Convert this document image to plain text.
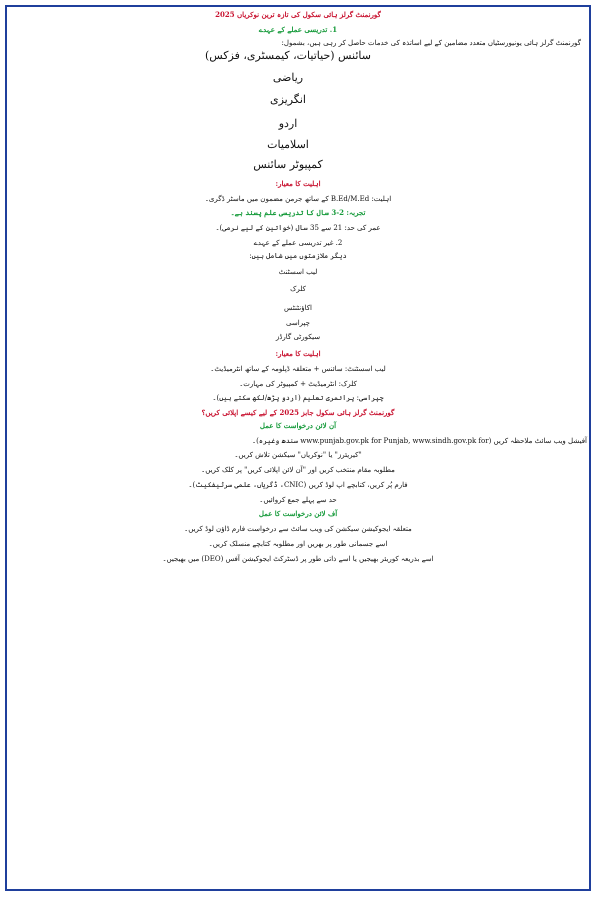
گورنمنٹ گرلز ہائی سکول کی تازہ ترین نوکریاں 2025
1. تدریسی عملے کے عہدے
گورنمنٹ گرلز ہائی یونیورسٹیاں متعدد مضامین کے لیے اساتذہ کی خدمات حاصل کر رہی ہیں، بشمول:
سائنس (حیاتیات، کیمسٹری، فزکس)
ریاضی
انگریزی
اردو
اسلامیات
کمپیوٹر سائنس
اہلیت کا معیار:
اہلیت: B.Ed/M.Ed کے ساتھ جرمن مضمون میں ماسٹر ڈگری۔
تجربہ: 2-3 سال کا تدریسی علم پسند ہے۔
عمر کی حد: 21 سے 35 سال (خواتین کے لیے نرمی)۔
2. غیر تدریسی عملے کے عہدے
دیگر ملازمتوں میں شامل ہیں:
لیب اسسٹنٹ
کلرک
اکاؤنٹنٹس
چپراسی
سیکورٹی گارڈز
اہلیت کا معیار:
لیب اسسٹنٹ: سائنس + متعلقہ ڈپلومہ کے ساتھ انٹرمیڈیٹ۔
کلرک: انٹرمیڈیٹ + کمپیوٹر کی مہارت۔
چپراسی: پرائمری تعلیم (اردو پڑھ/لکھ سکتے ہیں)۔
گورنمنٹ گرلز ہائی سکول جابز 2025 کے لیے کیسے اپلائی کریں؟
آن لائن درخواست کا عمل
آفیشل ویب سائٹ ملاحظہ کریں (www.punjab.gov.pk for Punjab, www.sindh.gov.pk for سندھ وغیرہ)۔
"کیریئرز" یا "نوکریاں" سیکشن تلاش کریں۔
مطلوبہ مقام منتخب کریں اور "آن لائن اپلائی کریں" پر کلک کریں۔
فارم پُر کریں، کتابچے اپ لوڈ کریں (CNIC، ڈگریاں، علمی سرٹیفکیٹ)۔
حد سے پہلے جمع کروائیں۔
آف لائن درخواست کا عمل
متعلقہ ایجوکیشن سیکشن کی ویب سائٹ سے درخواست فارم ڈاؤن لوڈ کریں۔
اسے جسمانی طور پر بھریں اور مطلوبہ کتابچے منسلک کریں۔
اسے بذریعہ کوریئر بھیجیں یا اسے ذاتی طور پر ڈسٹرکٹ ایجوکیشن آفس (DEO) میں بھیجیں۔
